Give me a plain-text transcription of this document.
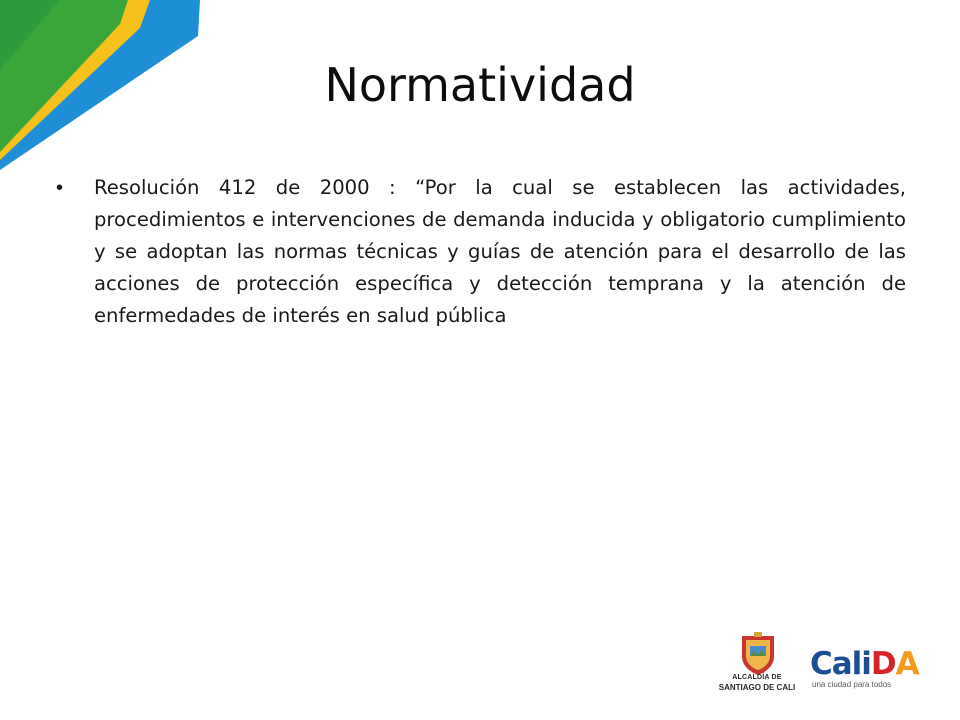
Normatividad
•	Resolución 412 de 2000 : “Por la cual se establecen las actividades, procedimientos e intervenciones de demanda inducida y obligatorio cumplimiento y se adoptan las normas técnicas y guías de atención para el desarrollo de las acciones de protección específica y detección temprana y la atención de enfermedades de interés en salud pública

ALCALDÍA DE
SANTIAGO DE CALI
CaliDA
una ciudad para todos
